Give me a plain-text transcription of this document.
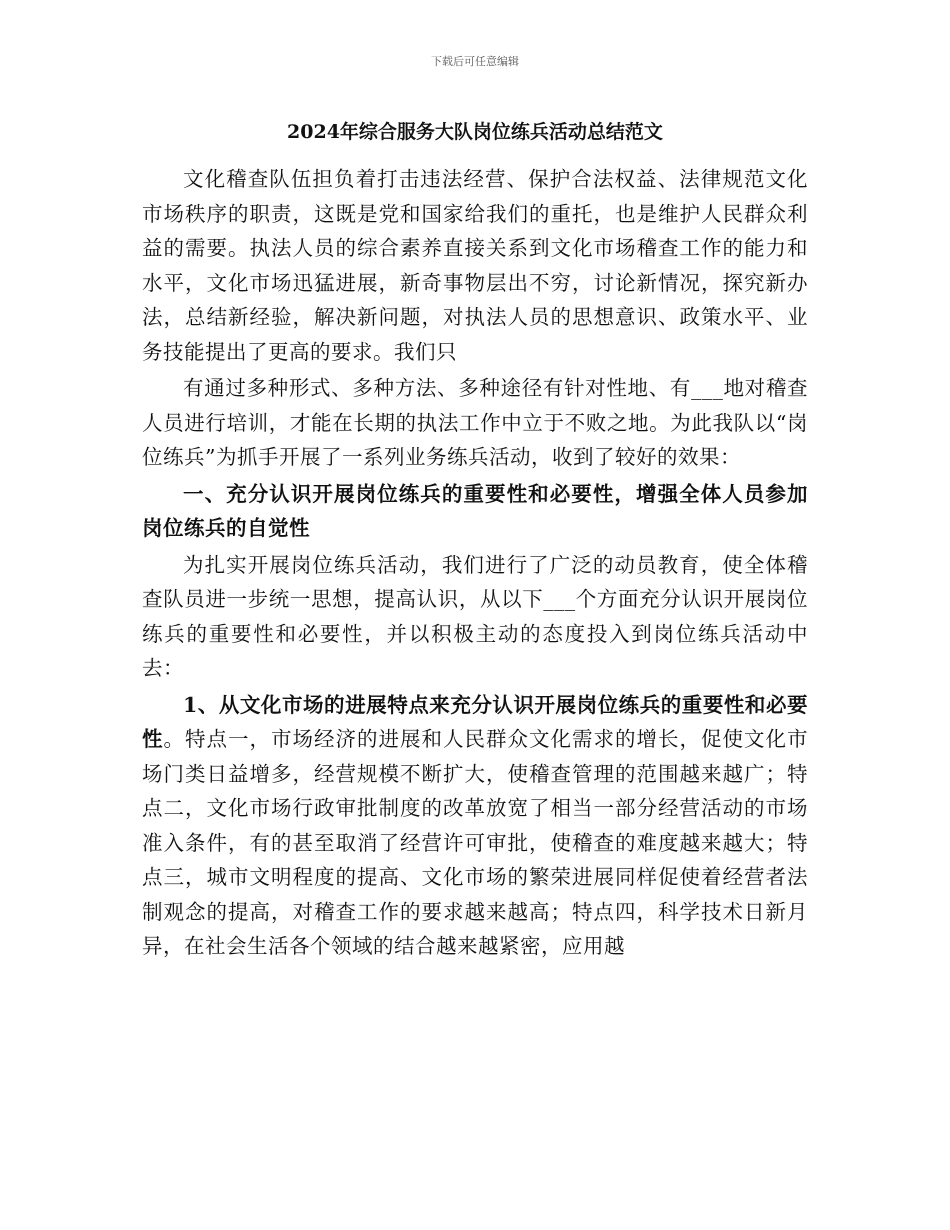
下载后可任意编辑
2024年综合服务大队岗位练兵活动总结范文

文化稽查队伍担负着打击违法经营、保护合法权益、法律规范文化市场秩序的职责，这既是党和国家给我们的重托，也是维护人民群众利益的需要。执法人员的综合素养直接关系到文化市场稽查工作的能力和水平，文化市场迅猛进展，新奇事物层出不穷，讨论新情况，探究新办法，总结新经验，解决新问题，对执法人员的思想意识、政策水平、业务技能提出了更高的要求。我们只

有通过多种形式、多种方法、多种途径有针对性地、有___地对稽查人员进行培训，才能在长期的执法工作中立于不败之地。为此我队以“岗位练兵”为抓手开展了一系列业务练兵活动，收到了较好的效果：

一、充分认识开展岗位练兵的重要性和必要性，增强全体人员参加岗位练兵的自觉性

为扎实开展岗位练兵活动，我们进行了广泛的动员教育，使全体稽查队员进一步统一思想，提高认识，从以下___个方面充分认识开展岗位练兵的重要性和必要性，并以积极主动的态度投入到岗位练兵活动中去：

1、从文化市场的进展特点来充分认识开展岗位练兵的重要性和必要性。特点一，市场经济的进展和人民群众文化需求的增长，促使文化市场门类日益增多，经营规模不断扩大，使稽查管理的范围越来越广；特点二，文化市场行政审批制度的改革放宽了相当一部分经营活动的市场准入条件，有的甚至取消了经营许可审批，使稽查的难度越来越大；特点三，城市文明程度的提高、文化市场的繁荣进展同样促使着经营者法制观念的提高，对稽查工作的要求越来越高；特点四，科学技术日新月异，在社会生活各个领域的结合越来越紧密，应用越
